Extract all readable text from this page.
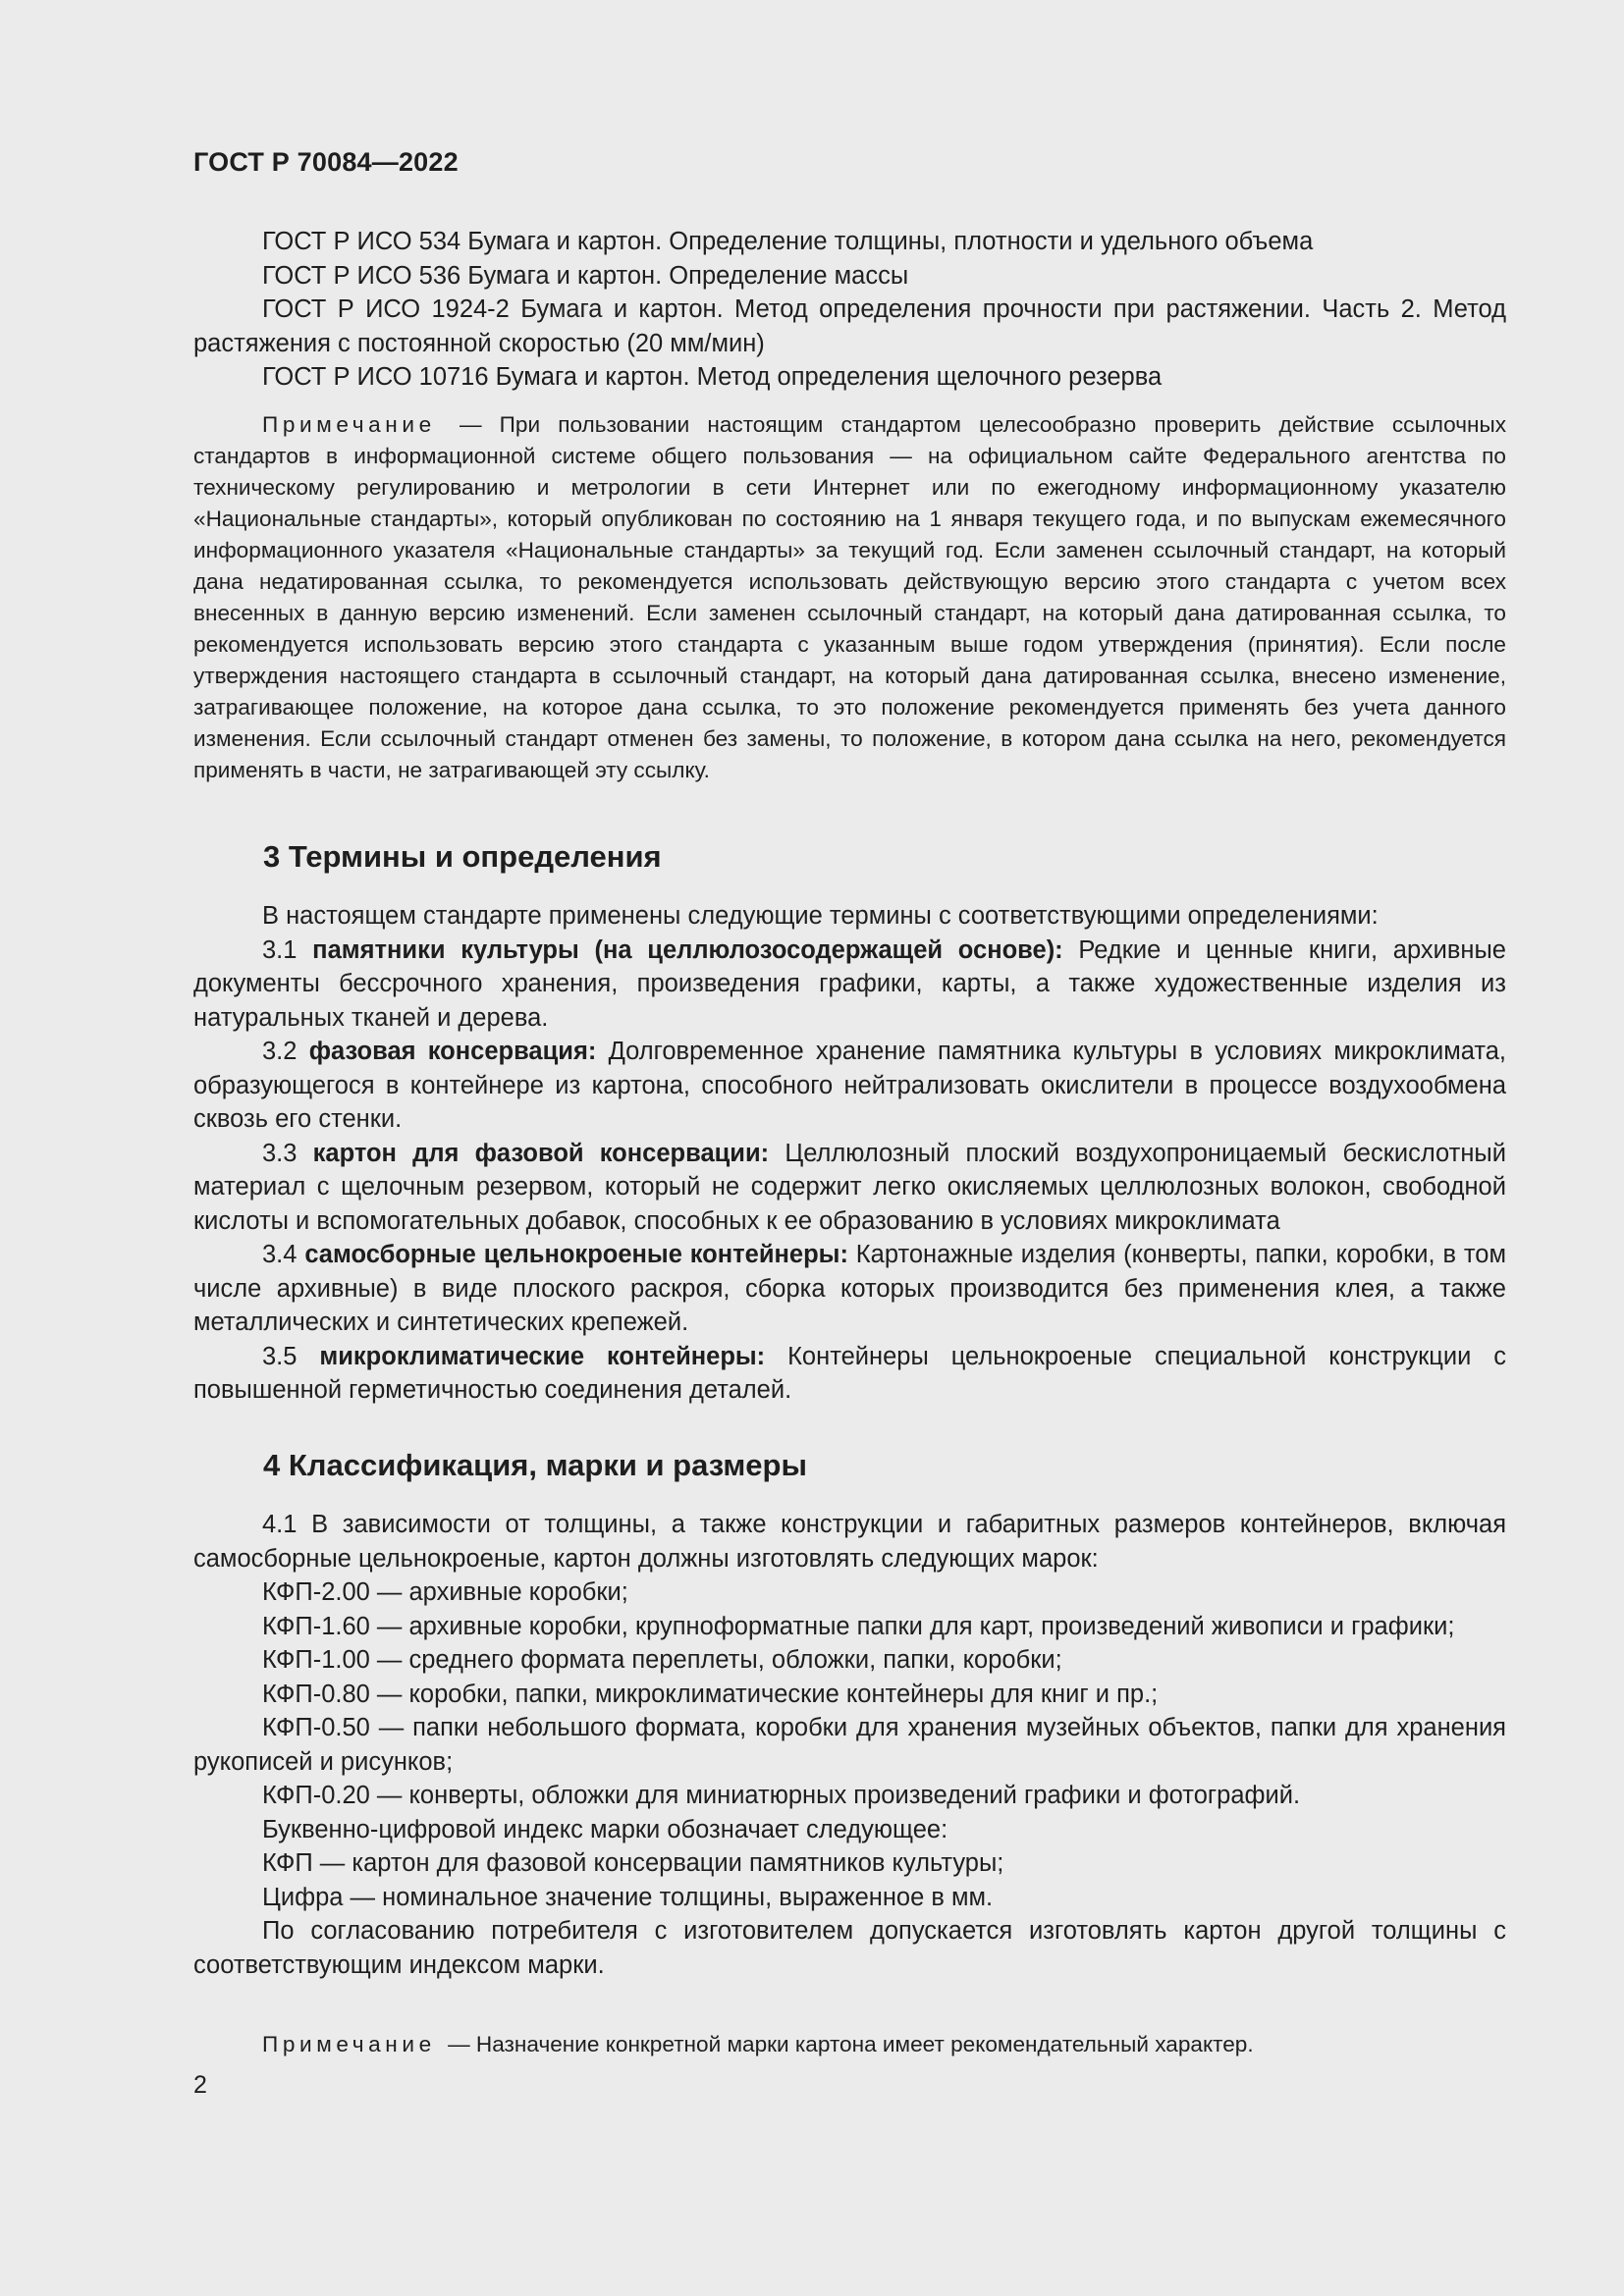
ГОСТ Р 70084—2022

ГОСТ Р ИСО 534 Бумага и картон. Определение толщины, плотности и удельного объема

ГОСТ Р ИСО 536 Бумага и картон. Определение массы

ГОСТ Р ИСО 1924-2 Бумага и картон. Метод определения прочности при растяжении. Часть 2. Метод растяжения с постоянной скоростью (20 мм/мин)

ГОСТ Р ИСО 10716 Бумага и картон. Метод определения щелочного резерва

Примечание — При пользовании настоящим стандартом целесообразно проверить действие ссылочных стандартов в информационной системе общего пользования — на официальном сайте Федерального агентства по техническому регулированию и метрологии в сети Интернет или по ежегодному информационному указателю «Национальные стандарты», который опубликован по состоянию на 1 января текущего года, и по выпускам ежемесячного информационного указателя «Национальные стандарты» за текущий год. Если заменен ссылочный стандарт, на который дана недатированная ссылка, то рекомендуется использовать действующую версию этого стандарта с учетом всех внесенных в данную версию изменений. Если заменен ссылочный стандарт, на который дана датированная ссылка, то рекомендуется использовать версию этого стандарта с указанным выше годом утверждения (принятия). Если после утверждения настоящего стандарта в ссылочный стандарт, на который дана датированная ссылка, внесено изменение, затрагивающее положение, на которое дана ссылка, то это положение рекомендуется применять без учета данного изменения. Если ссылочный стандарт отменен без замены, то положение, в котором дана ссылка на него, рекомендуется применять в части, не затрагивающей эту ссылку.

3 Термины и определения

В настоящем стандарте применены следующие термины с соответствующими определениями:

3.1 памятники культуры (на целлюлозосодержащей основе): Редкие и ценные книги, архивные документы бессрочного хранения, произведения графики, карты, а также художественные изделия из натуральных тканей и дерева.

3.2 фазовая консервация: Долговременное хранение памятника культуры в условиях микроклимата, образующегося в контейнере из картона, способного нейтрализовать окислители в процессе воздухообмена сквозь его стенки.

3.3 картон для фазовой консервации: Целлюлозный плоский воздухопроницаемый бескислотный материал с щелочным резервом, который не содержит легко окисляемых целлюлозных волокон, свободной кислоты и вспомогательных добавок, способных к ее образованию в условиях микроклимата

3.4 самосборные цельнокроеные контейнеры: Картонажные изделия (конверты, папки, коробки, в том числе архивные) в виде плоского раскроя, сборка которых производится без применения клея, а также металлических и синтетических крепежей.

3.5 микроклиматические контейнеры: Контейнеры цельнокроеные специальной конструкции с повышенной герметичностью соединения деталей.

4 Классификация, марки и размеры

4.1 В зависимости от толщины, а также конструкции и габаритных размеров контейнеров, включая самосборные цельнокроеные, картон должны изготовлять следующих марок:

КФП-2.00 — архивные коробки;

КФП-1.60 — архивные коробки, крупноформатные папки для карт, произведений живописи и графики;

КФП-1.00 — среднего формата переплеты, обложки, папки, коробки;

КФП-0.80 — коробки, папки, микроклиматические контейнеры для книг и пр.;

КФП-0.50 — папки небольшого формата, коробки для хранения музейных объектов, папки для хранения рукописей и рисунков;

КФП-0.20 — конверты, обложки для миниатюрных произведений графики и фотографий.

Буквенно-цифровой индекс марки обозначает следующее:

КФП — картон для фазовой консервации памятников культуры;

Цифра — номинальное значение толщины, выраженное в мм.

По согласованию потребителя с изготовителем допускается изготовлять картон другой толщины с соответствующим индексом марки.

Примечание — Назначение конкретной марки картона имеет рекомендательный характер.

2
